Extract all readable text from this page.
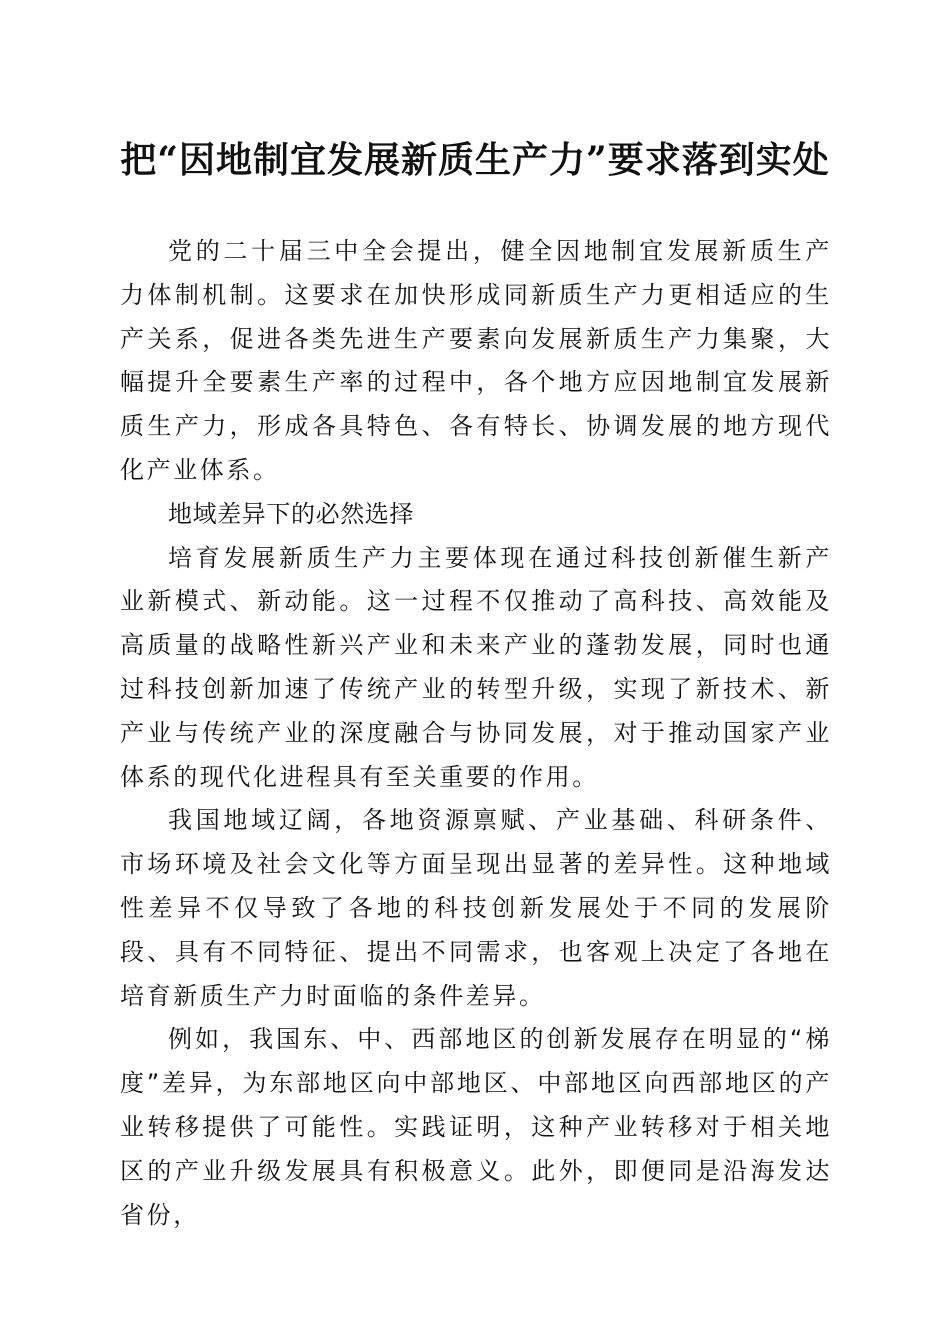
把“因地制宜发展新质生产力”要求落到实处

党的二十届三中全会提出，健全因地制宜发展新质生产力体制机制。这要求在加快形成同新质生产力更相适应的生产关系，促进各类先进生产要素向发展新质生产力集聚，大幅提升全要素生产率的过程中，各个地方应因地制宜发展新质生产力，形成各具特色、各有特长、协调发展的地方现代化产业体系。

地域差异下的必然选择

培育发展新质生产力主要体现在通过科技创新催生新产业新模式、新动能。这一过程不仅推动了高科技、高效能及高质量的战略性新兴产业和未来产业的蓬勃发展，同时也通过科技创新加速了传统产业的转型升级，实现了新技术、新产业与传统产业的深度融合与协同发展，对于推动国家产业体系的现代化进程具有至关重要的作用。

我国地域辽阔，各地资源禀赋、产业基础、科研条件、市场环境及社会文化等方面呈现出显著的差异性。这种地域性差异不仅导致了各地的科技创新发展处于不同的发展阶段、具有不同特征、提出不同需求，也客观上决定了各地在培育新质生产力时面临的条件差异。

例如，我国东、中、西部地区的创新发展存在明显的“梯度”差异，为东部地区向中部地区、中部地区向西部地区的产业转移提供了可能性。实践证明，这种产业转移对于相关地区的产业升级发展具有积极意义。此外，即便同是沿海发达省份，
